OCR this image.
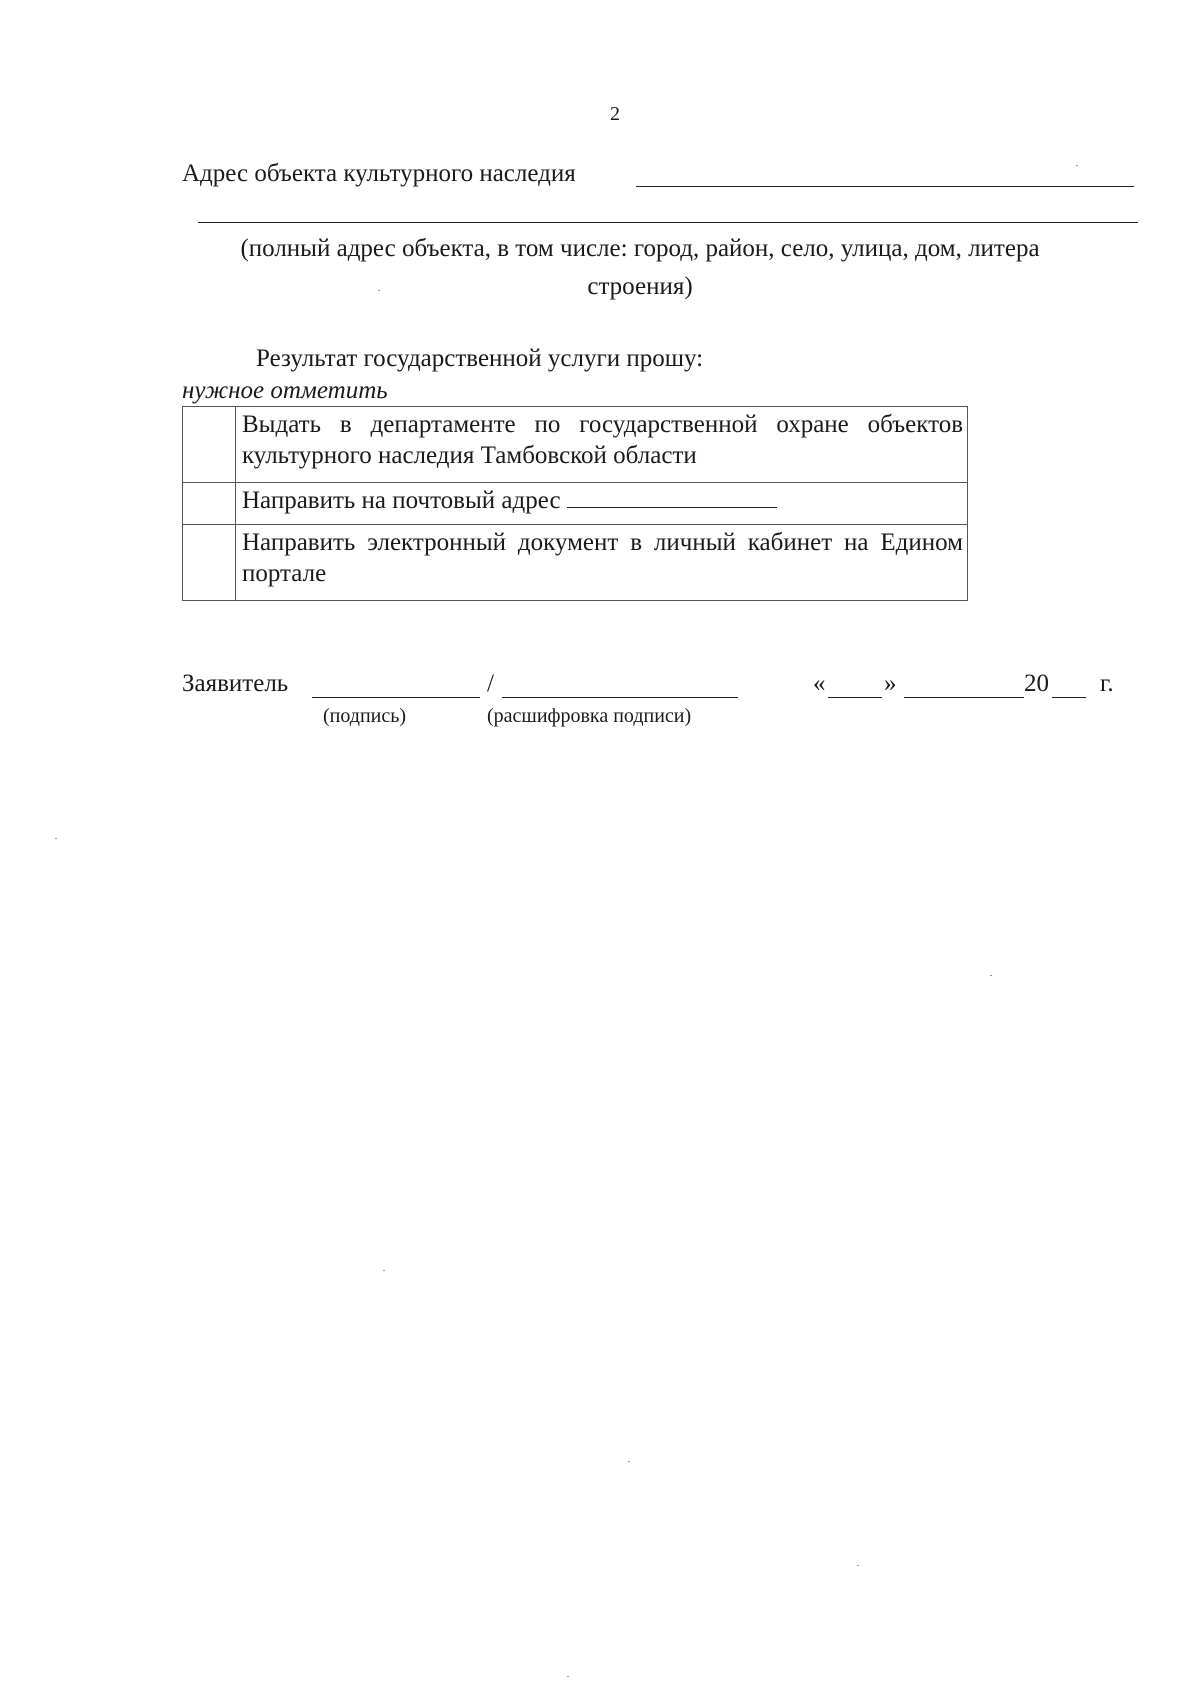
2
Адрес объекта культурного наследия
(полный адрес объекта, в том числе: город, район, село, улица, дом, литера
строения)
Результат государственной услуги прошу:
нужное отметить
	Выдать в департаменте по государственной охране объектов культурного наследия Тамбовской области
	Направить на почтовый адрес
	Направить электронный документ в личный кабинет на Едином портале
Заявитель	/	« »	20 г.
(подпись)	(расшифровка подписи)
